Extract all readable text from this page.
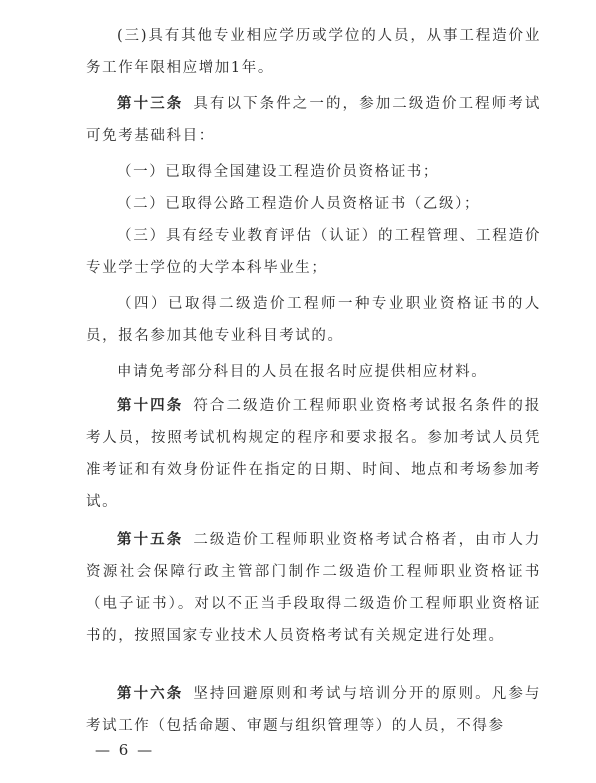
(三)具有其他专业相应学历或学位的人员，从事工程造价业务工作年限相应增加1年。

第十三条 具有以下条件之一的，参加二级造价工程师考试可免考基础科目：

（一）已取得全国建设工程造价员资格证书；

（二）已取得公路工程造价人员资格证书（乙级）；

（三）具有经专业教育评估（认证）的工程管理、工程造价专业学士学位的大学本科毕业生；

（四）已取得二级造价工程师一种专业职业资格证书的人员，报名参加其他专业科目考试的。

申请免考部分科目的人员在报名时应提供相应材料。

第十四条 符合二级造价工程师职业资格考试报名条件的报考人员，按照考试机构规定的程序和要求报名。参加考试人员凭准考证和有效身份证件在指定的日期、时间、地点和考场参加考试。

第十五条 二级造价工程师职业资格考试合格者，由市人力资源社会保障行政主管部门制作二级造价工程师职业资格证书（电子证书）。对以不正当手段取得二级造价工程师职业资格证书的，按照国家专业技术人员资格考试有关规定进行处理。

第十六条 坚持回避原则和考试与培训分开的原则。凡参与考试工作（包括命题、审题与组织管理等）的人员，不得参

— 6 —
